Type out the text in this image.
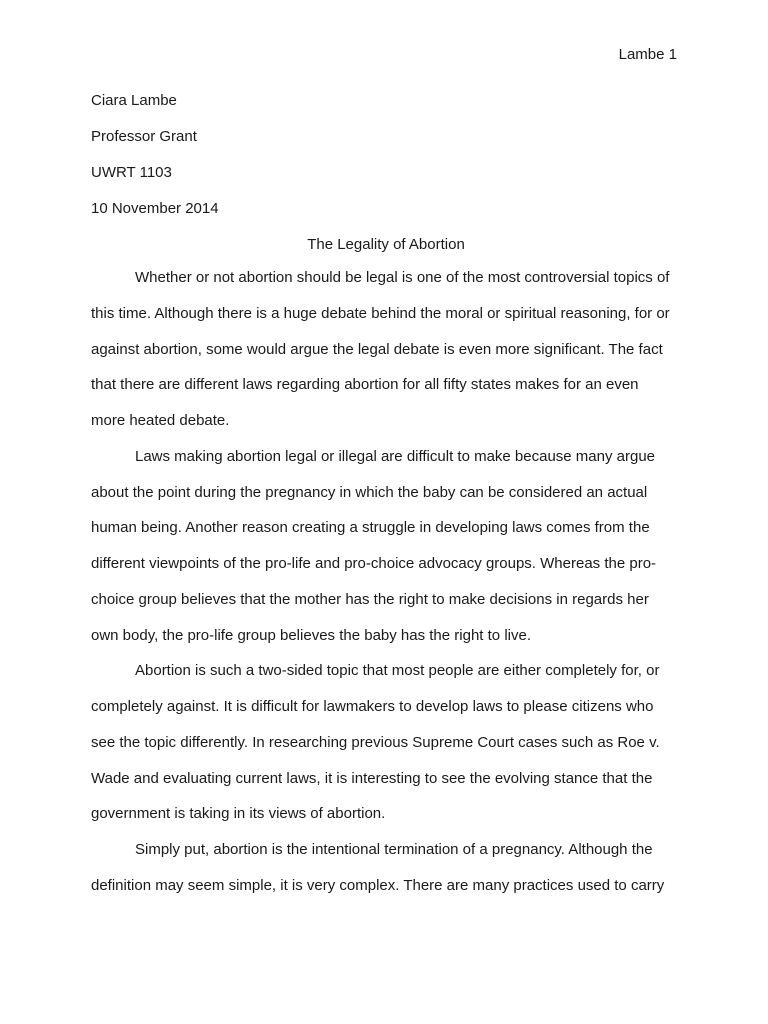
Lambe 1
Ciara Lambe
Professor Grant
UWRT 1103
10 November 2014
The Legality of Abortion
Whether or not abortion should be legal is one of the most controversial topics of
this time. Although there is a huge debate behind the moral or spiritual reasoning, for or
against abortion, some would argue the legal debate is even more significant. The fact
that there are different laws regarding abortion for all fifty states makes for an even
more heated debate.
Laws making abortion legal or illegal are difficult to make because many argue
about the point during the pregnancy in which the baby can be considered an actual
human being. Another reason creating a struggle in developing laws comes from the
different viewpoints of the pro-life and pro-choice advocacy groups. Whereas the pro-
choice group believes that the mother has the right to make decisions in regards her
own body, the pro-life group believes the baby has the right to live.
Abortion is such a two-sided topic that most people are either completely for, or
completely against. It is difficult for lawmakers to develop laws to please citizens who
see the topic differently. In researching previous Supreme Court cases such as Roe v.
Wade and evaluating current laws, it is interesting to see the evolving stance that the
government is taking in its views of abortion.
Simply put, abortion is the intentional termination of a pregnancy. Although the
definition may seem simple, it is very complex. There are many practices used to carry
